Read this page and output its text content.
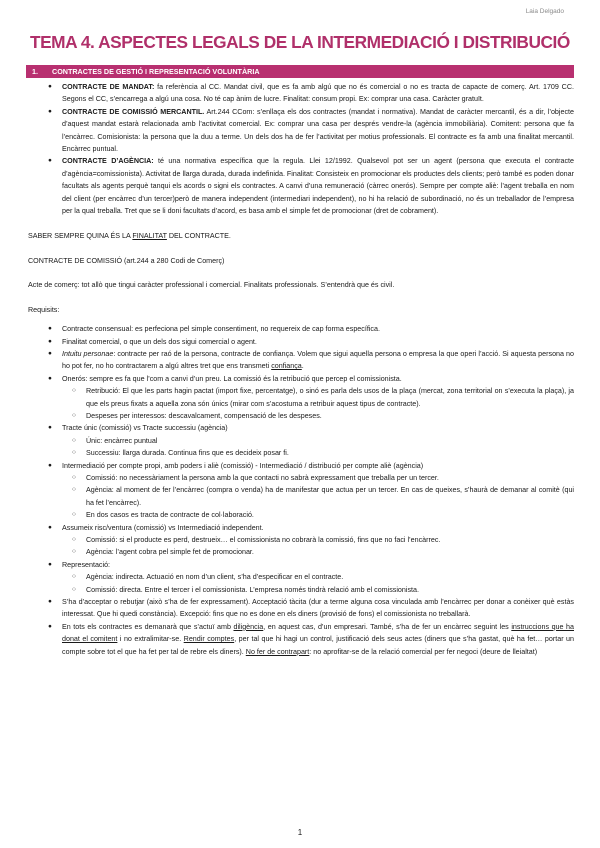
Laia Delgado
TEMA 4. ASPECTES LEGALS DE LA INTERMEDIACIÓ I DISTRIBUCIÓ
1. CONTRACTES DE GESTIÓ I REPRESENTACIÓ VOLUNTÀRIA
● CONTRACTE DE MANDAT: fa referència al CC. Mandat civil, que es fa amb algú que no és comercial o no es tracta de capacte de comerç. Art. 1709 CC. Segons el CC, s’encarrega a algú una cosa. No té cap ànim de lucre. Finalitat: consum propi. Ex: comprar una casa. Caràcter gratuït.
● CONTRACTE DE COMISSIÓ MERCANTIL. Art.244 CCom: s’enllaça els dos contractes (mandat i normativa). Mandat de caràcter mercantil, és a dir, l’objecte d’aquest mandat estarà relacionada amb l’activitat comercial. Ex: comprar una casa per després vendre-la (agència immobiliària). Comitent: persona que fa l’encàrrec. Comisionista: la persona que la duu a terme. Un dels dos ha de fer l’activitat per motius professionals. El contracte es fa amb una finalitat mercantil. Encàrrec puntual.
● CONTRACTE D’AGÈNCIA: té una normativa específica que la regula. Llei 12/1992. Qualsevol pot ser un agent (persona que executa el contracte d’agència=comissionista). Activitat de llarga durada, durada indefinida. Finalitat: Consisteix en promocionar els productes dels clients; però també es poden donar facultats als agents perquè tanqui els acords o signi els contractes. A canvi d’una remuneració (càrrec onerós). Sempre per compte aliè: l’agent treballa en nom del client (per encàrrec d’un tercer)però de manera independent (intermediari independent), no hi ha relació de subordinació, no és un treballador de l’empresa per la qual treballa. Tret que se li doni facultats d’acord, es basa amb el simple fet de promocionar (dret de cobrament).

SABER SEMPRE QUINA ÉS LA FINALITAT DEL CONTRACTE.

CONTRACTE DE COMISSIÓ (art.244 a 280 Codi de Comerç)

Acte de comerç: tot allò que tingui caràcter professional i comercial. Finalitats professionals. S’entendrà que és civil.

Requisits:

● Contracte consensual: es perfeciona pel simple consentiment, no requereix de cap forma específica.
● Finalitat comercial, o que un dels dos sigui comercial o agent.
● Intuitu personae: contracte per raó de la persona, contracte de confiança. Volem que sigui aquella persona o empresa la que operi l’acció. Si aquesta persona no ho pot fer, no ho contractarem a algú altres tret que ens transmeti confiança.
● Onerós: sempre es fa que l’com a canvi d’un preu. La comissió és la retribució que percep el comissionista.
○ Retribució: El que les parts hagin pactat (import fixe, percentatge), o sinó es parla dels usos de la plaça (mercat, zona territorial on s’executa la plaça), ja que els preus fixats a aquella zona són únics (mirar com s’acostuma a retribuir aquest tipus de contracte).
○ Despeses per interessos: descavalcament, compensació de les despeses.
● Tracte únic (comissió) vs Tracte successiu (agència)
○ Únic: encàrrec puntual
○ Successiu: llarga durada. Continua fins que es decideix posar fi.
● Intermediació per compte propi, amb poders i aliè (comissió) - Intermediació / distribució per compte aliè (agència)
○ Comissió: no necessàriament la persona amb la que contacti no sabrà expressament que treballa per un tercer.
○ Agència: al moment de fer l’encàrrec (compra o venda) ha de manifestar que actua per un tercer. En cas de queixes, s’haurà de demanar al comitè (qui ha fet l’encàrrec).
○ En dos casos es tracta de contracte de col·laboració.
● Assumeix risc/ventura (comissió) vs Intermediació independent.
○ Comissió: si el producte es perd, destrueix… el comissionista no cobrarà la comissió, fins que no faci l’encàrrec.
○ Agència: l’agent cobra pel simple fet de promocionar.
● Representació:
○ Agència: indirecta. Actuació en nom d’un client, s’ha d’especificar en el contracte.
○ Comissió: directa. Entre el tercer i el comissionista. L’empresa només tindrà relació amb el comissionista.
● S’ha d’acceptar o rebutjar (això s’ha de fer expressament). Acceptació tàcita (dur a terme alguna cosa vinculada amb l’encàrrec per donar a conèixer què estàs interessat. Que hi quedi constància). Excepció: fins que no es done en els diners (provisió de fons) el comissionista no treballarà.
● En tots els contractes es demanarà que s’actuï amb diligència, en aquest cas, d’un empresari. També, s’ha de fer un encàrrec seguint les instruccions que ha donat el comitent i no extralimitar-se. Rendir comptes, per tal que hi hagi un control, justificació dels seus actes (diners que s’ha gastat, què ha fet… portar un compte sobre tot el que ha fet per tal de rebre els diners). No fer de contrapart: no aprofitar-se de la relació comercial per fer negoci (deure de lleialtat)
1
